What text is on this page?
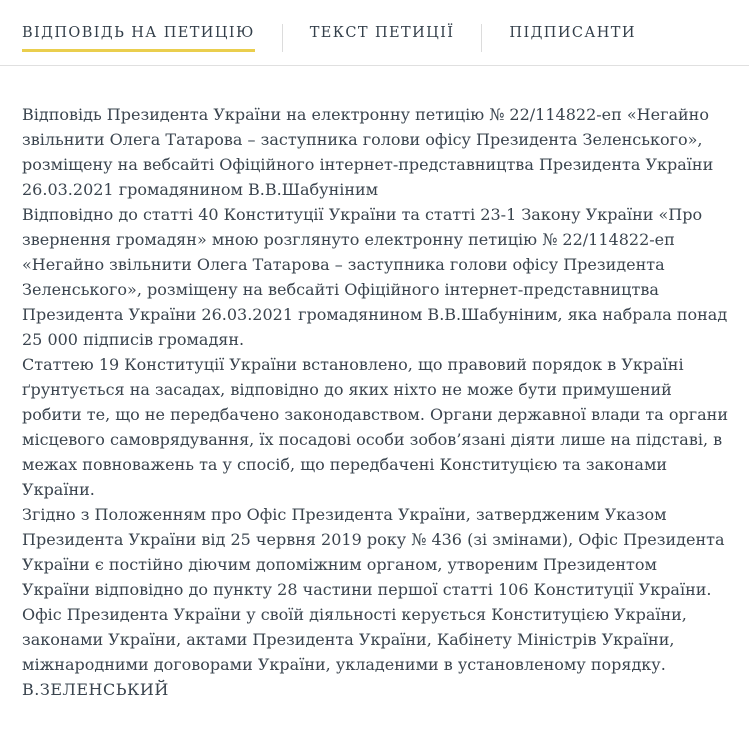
ВІДПОВІДЬ НА ПЕТИЦІЮ	ТЕКСТ ПЕТИЦІЇ	ПІДПИСАНТИ

Відповідь Президента України на електронну петицію № 22/114822-еп «Негайно звільнити Олега Татарова – заступника голови офісу Президента Зеленського», розміщену на вебсайті Офіційного інтернет-представництва Президента України 26.03.2021 громадянином В.В.Шабуніним

Відповідно до статті 40 Конституції України та статті 23-1 Закону України «Про звернення громадян» мною розглянуто електронну петицію № 22/114822-еп «Негайно звільнити Олега Татарова – заступника голови офісу Президента Зеленського», розміщену на вебсайті Офіційного інтернет-представництва Президента України 26.03.2021 громадянином В.В.Шабуніним, яка набрала понад 25 000 підписів громадян.

Статтею 19 Конституції України встановлено, що правовий порядок в Україні ґрунтується на засадах, відповідно до яких ніхто не може бути примушений робити те, що не передбачено законодавством. Органи державної влади та органи місцевого самоврядування, їх посадові особи зобов’язані діяти лише на підставі, в межах повноважень та у спосіб, що передбачені Конституцією та законами України.

Згідно з Положенням про Офіс Президента України, затвердженим Указом Президента України від 25 червня 2019 року № 436 (зі змінами), Офіс Президента України є постійно діючим допоміжним органом, утвореним Президентом України відповідно до пункту 28 частини першої статті 106 Конституції України.

Офіс Президента України у своїй діяльності керується Конституцією України, законами України, актами Президента України, Кабінету Міністрів України, міжнародними договорами України, укладеними в установленому порядку.

В.ЗЕЛЕНСЬКИЙ
